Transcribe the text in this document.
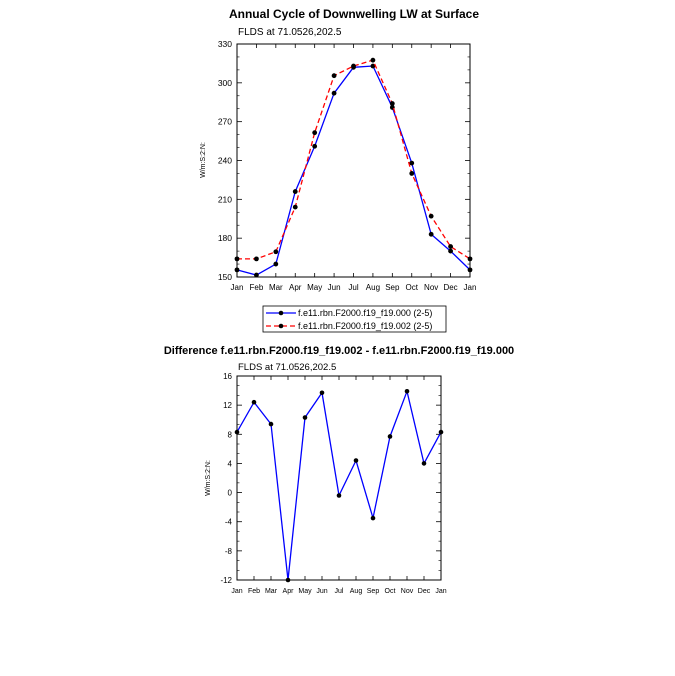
Annual Cycle of Downwelling LW at Surface
FLDS at 71.0526,202.5
W/m:S:2:N:
Jan Feb Mar Apr May Jun Jul Aug Sep Oct Nov Dec Jan
150
180
210
240
270
300
330
f.e11.rbn.F2000.f19_f19.000 (2-5)
f.e11.rbn.F2000.f19_f19.002 (2-5)
Difference f.e11.rbn.F2000.f19_f19.002 - f.e11.rbn.F2000.f19_f19.000
FLDS at 71.0526,202.5
W/m:S:2:N:
Jan Feb Mar Apr May Jun Jul Aug Sep Oct Nov Dec Jan
-12
-8
-4
0
4
8
12
16
